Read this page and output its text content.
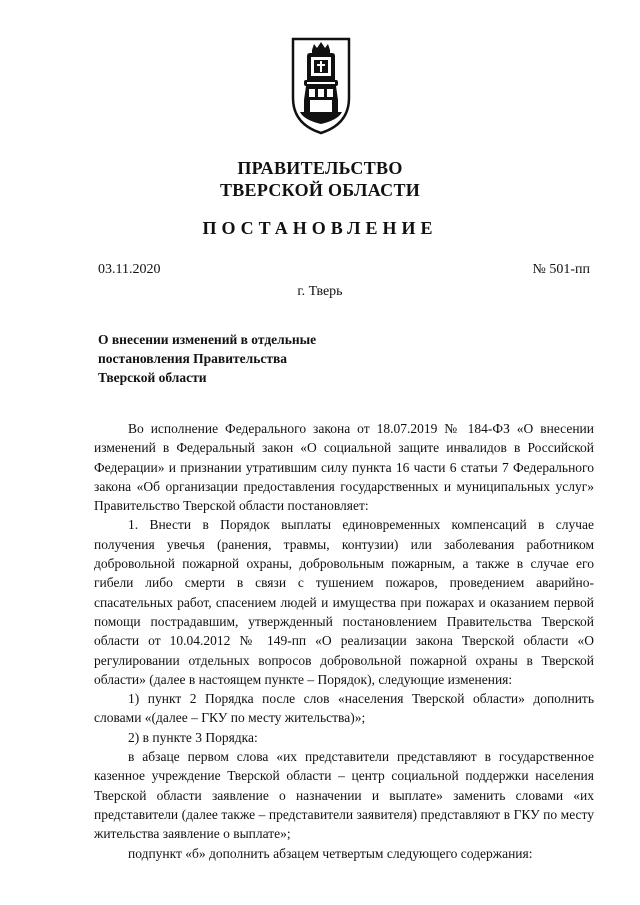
ПРАВИТЕЛЬСТВО
ТВЕРСКОЙ ОБЛАСТИ
ПОСТАНОВЛЕНИЕ
03.11.2020	№ 501-пп
г. Тверь
О внесении изменений в отдельные
постановления Правительства
Тверской области

Во исполнение Федерального закона от 18.07.2019 № 184-ФЗ «О внесении изменений в Федеральный закон «О социальной защите инвалидов в Российской Федерации» и признании утратившим силу пункта 16 части 6 статьи 7 Федерального закона «Об организации предоставления государственных и муниципальных услуг» Правительство Тверской области постановляет:

1. Внести в Порядок выплаты единовременных компенсаций в случае получения увечья (ранения, травмы, контузии) или заболевания работником добровольной пожарной охраны, добровольным пожарным, а также в случае его гибели либо смерти в связи с тушением пожаров, проведением аварийно-спасательных работ, спасением людей и имущества при пожарах и оказанием первой помощи пострадавшим, утвержденный постановлением Правительства Тверской области от 10.04.2012 № 149-пп «О реализации закона Тверской области «О регулировании отдельных вопросов добровольной пожарной охраны в Тверской области» (далее в настоящем пункте – Порядок), следующие изменения:

1) пункт 2 Порядка после слов «населения Тверской области» дополнить словами «(далее – ГКУ по месту жительства)»;

2) в пункте 3 Порядка:

в абзаце первом слова «их представители представляют в государственное казенное учреждение Тверской области – центр социальной поддержки населения Тверской области заявление о назначении и выплате» заменить словами «их представители (далее также – представители заявителя) представляют в ГКУ по месту жительства заявление о выплате»;

подпункт «б» дополнить абзацем четвертым следующего содержания:
